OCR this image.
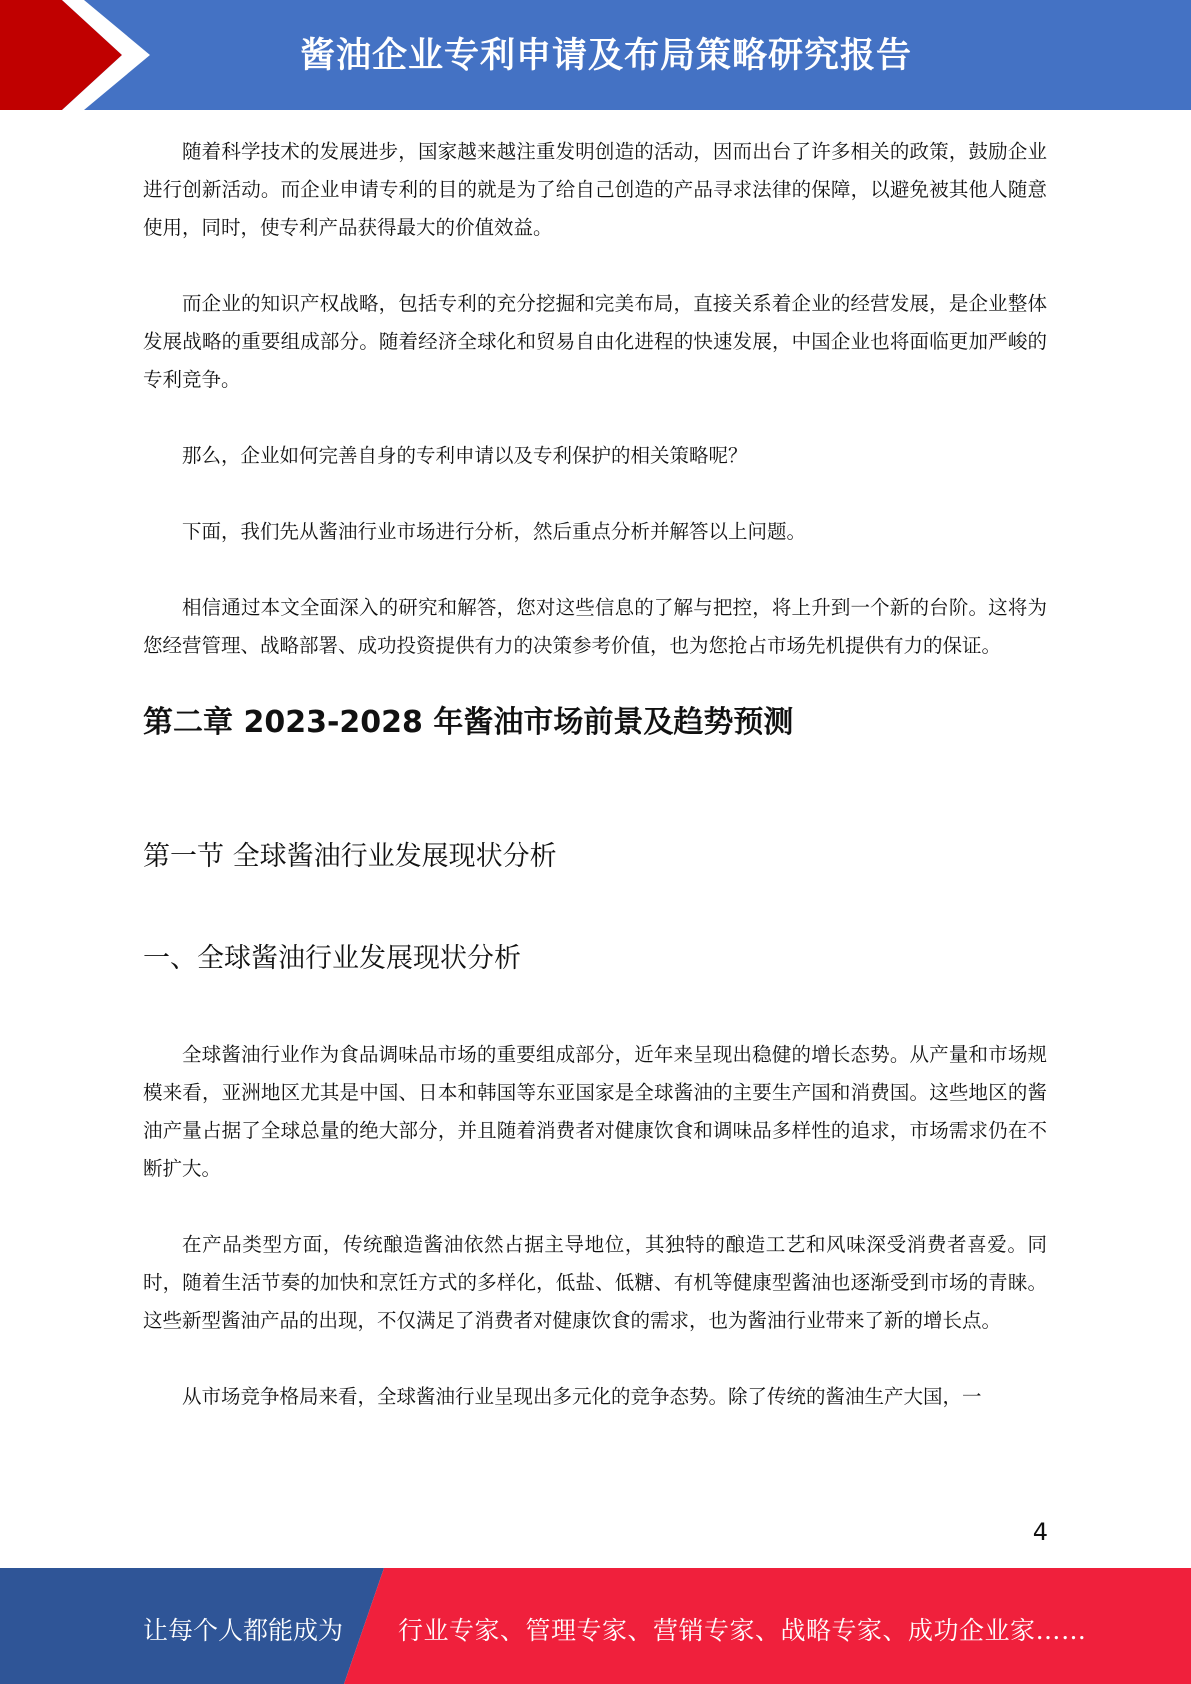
酱油企业专利申请及布局策略研究报告

随着科学技术的发展进步，国家越来越注重发明创造的活动，因而出台了许多相关的政策，鼓励企业进行创新活动。而企业申请专利的目的就是为了给自己创造的产品寻求法律的保障，以避免被其他人随意使用，同时，使专利产品获得最大的价值效益。

而企业的知识产权战略，包括专利的充分挖掘和完美布局，直接关系着企业的经营发展，是企业整体发展战略的重要组成部分。随着经济全球化和贸易自由化进程的快速发展，中国企业也将面临更加严峻的专利竞争。

那么，企业如何完善自身的专利申请以及专利保护的相关策略呢？

下面，我们先从酱油行业市场进行分析，然后重点分析并解答以上问题。

相信通过本文全面深入的研究和解答，您对这些信息的了解与把控，将上升到一个新的台阶。这将为您经营管理、战略部署、成功投资提供有力的决策参考价值，也为您抢占市场先机提供有力的保证。

第二章 2023-2028 年酱油市场前景及趋势预测
第一节 全球酱油行业发展现状分析
一、全球酱油行业发展现状分析

全球酱油行业作为食品调味品市场的重要组成部分，近年来呈现出稳健的增长态势。从产量和市场规模来看，亚洲地区尤其是中国、日本和韩国等东亚国家是全球酱油的主要生产国和消费国。这些地区的酱油产量占据了全球总量的绝大部分，并且随着消费者对健康饮食和调味品多样性的追求，市场需求仍在不断扩大。

在产品类型方面，传统酿造酱油依然占据主导地位，其独特的酿造工艺和风味深受消费者喜爱。同时，随着生活节奏的加快和烹饪方式的多样化，低盐、低糖、有机等健康型酱油也逐渐受到市场的青睐。这些新型酱油产品的出现，不仅满足了消费者对健康饮食的需求，也为酱油行业带来了新的增长点。

从市场竞争格局来看，全球酱油行业呈现出多元化的竞争态势。除了传统的酱油生产大国，一

4
让每个人都能成为 行业专家、管理专家、营销专家、战略专家、成功企业家……
